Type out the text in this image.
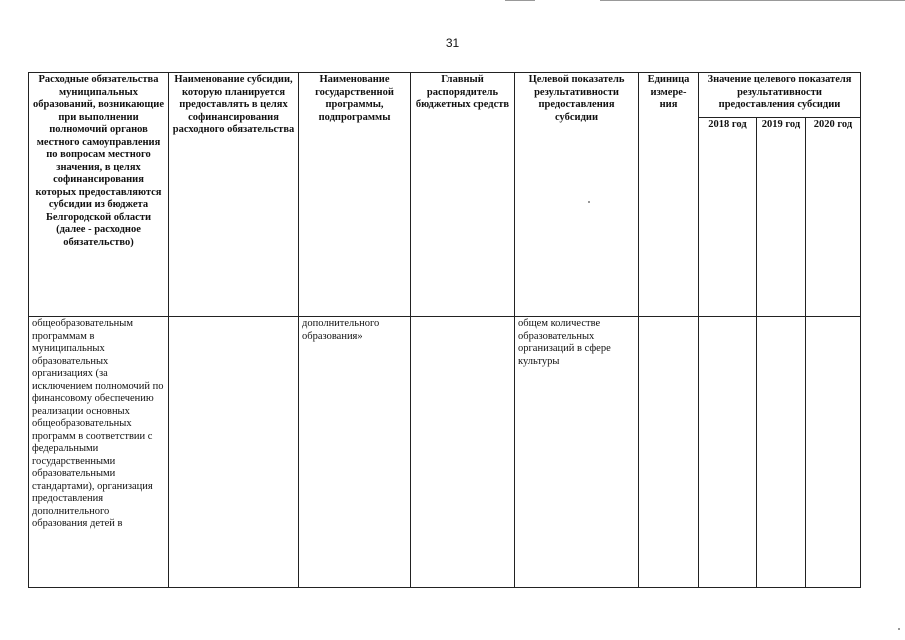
31
Расходные обязательства муниципальных образований, возникающие при выполнении полномочий органов местного самоуправления по вопросам местного значения, в целях софинансирования которых предоставляются субсидии из бюджета Белгородской области (далее - расходное обязательство)	Наименование субсидии, которую планируется предоставлять в целях софинансирования расходного обязательства	Наименование государственной программы, подпрограммы	Главный распорядитель бюджетных средств	Целевой показатель результативности предоставления субсидии	Единица измере-ния	Значение целевого показателя результативности предоставления субсидии		
						2018 год	2019 год	2020 год
общеобразовательным программам в муниципальных образовательных организациях (за исключением полномочий по финансовому обеспечению реализации основных общеобразовательных программ в соответствии с федеральными государственными образовательными стандартами), организация предоставления дополнительного образования детей в		дополнительного образования»		общем количестве образовательных организаций в сфере культуры				
